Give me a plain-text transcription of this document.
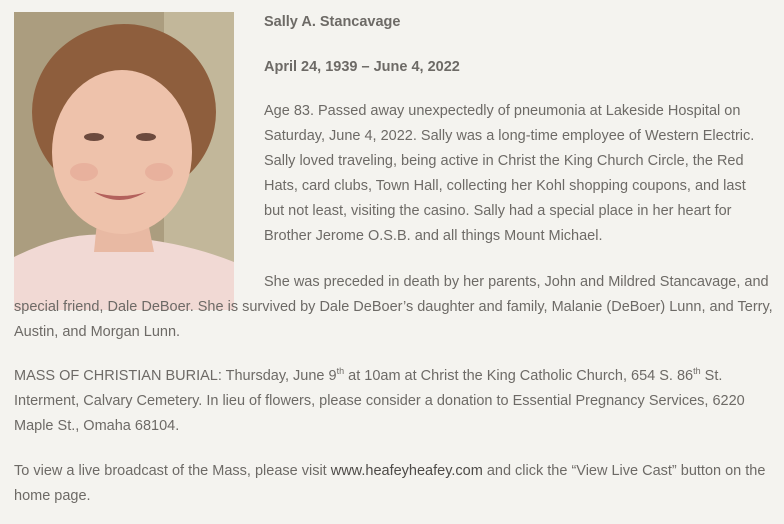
Sally A. Stancavage
April 24, 1939 – June 4, 2022

Age 83. Passed away unexpectedly of pneumonia at Lakeside Hospital on Saturday, June 4, 2022. Sally was a long-time employee of Western Electric. Sally loved traveling, being active in Christ the King Church Circle, the Red Hats, card clubs, Town Hall, collecting her Kohl shopping coupons, and last but not least, visiting the casino. Sally had a special place in her heart for Brother Jerome O.S.B. and all things Mount Michael.

She was preceded in death by her parents, John and Mildred Stancavage, and special friend, Dale DeBoer. She is survived by Dale DeBoer’s daughter and family, Malanie (DeBoer) Lunn, and Terry, Austin, and Morgan Lunn.

MASS OF CHRISTIAN BURIAL: Thursday, June 9th at 10am at Christ the King Catholic Church, 654 S. 86th St. Interment, Calvary Cemetery. In lieu of flowers, please consider a donation to Essential Pregnancy Services, 6220 Maple St., Omaha 68104.

To view a live broadcast of the Mass, please visit www.heafeyheafey.com and click the “View Live Cast” button on the home page.
